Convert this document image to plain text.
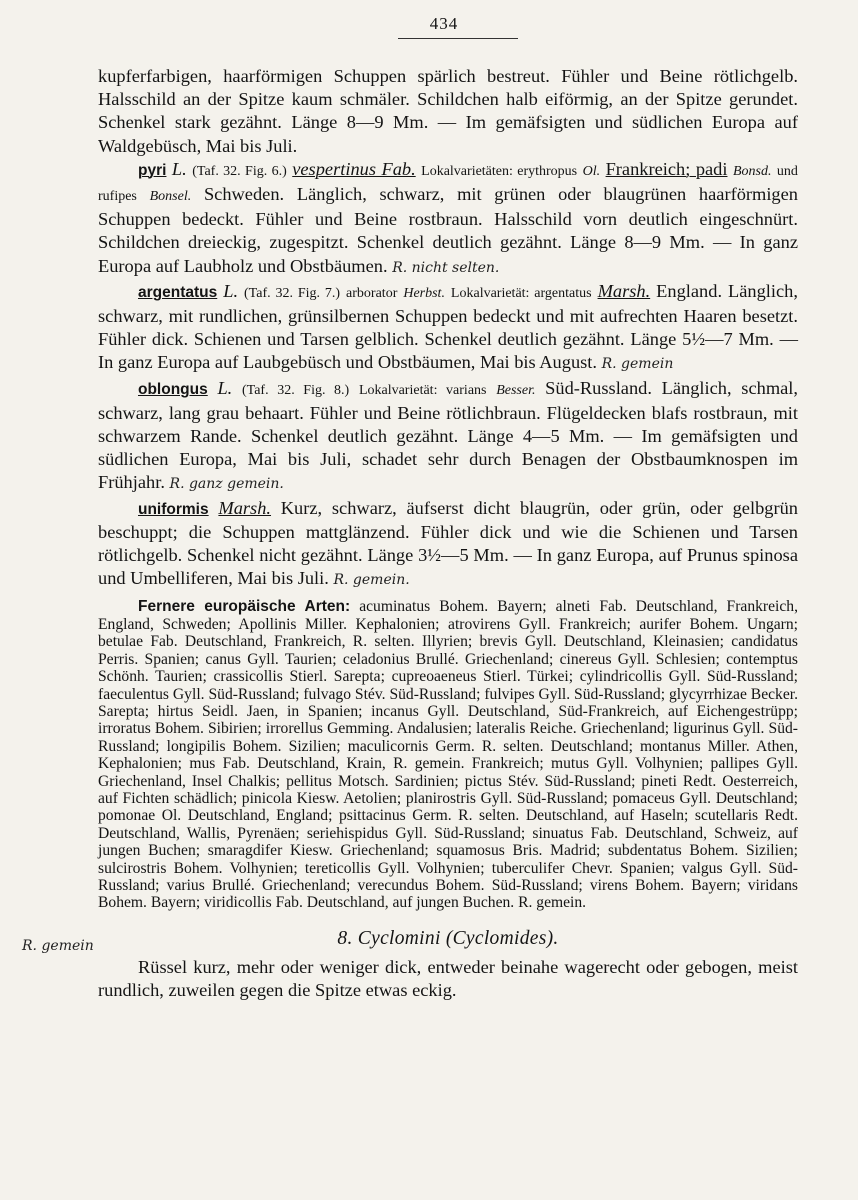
434

kupferfarbigen, haarförmigen Schuppen spärlich bestreut. Fühler und Beine rötlichgelb. Halsschild an der Spitze kaum schmäler. Schildchen halb eiförmig, an der Spitze gerundet. Schenkel stark gezähnt. Länge 8—9 Mm. — Im gemäfsigten und südlichen Europa auf Waldgebüsch, Mai bis Juli.

pyri L. (Taf. 32. Fig. 6.) vespertinus Fab. Lokalvarietäten: erythropus Ol. Frankreich; padi Bonsd. und rufipes Bonsel. Schweden. Länglich, schwarz, mit grünen oder blaugrünen haarförmigen Schuppen bedeckt. Fühler und Beine rostbraun. Halsschild vorn deutlich eingeschnürt. Schildchen dreieckig, zugespitzt. Schenkel deutlich gezähnt. Länge 8—9 Mm. — In ganz Europa auf Laubholz und Obstbäumen. R. nicht selten.

argentatus L. (Taf. 32. Fig. 7.) arborator Herbst. Lokalvarietät: argentatus Marsh. England. Länglich, schwarz, mit rundlichen, grünsilbernen Schuppen bedeckt und mit aufrechten Haaren besetzt. Fühler dick. Schienen und Tarsen gelblich. Schenkel deutlich gezähnt. Länge 5½—7 Mm. — In ganz Europa auf Laubgebüsch und Obstbäumen, Mai bis August. R. gemein

oblongus L. (Taf. 32. Fig. 8.) Lokalvarietät: varians Besser. Süd-Russland. Länglich, schmal, schwarz, lang grau behaart. Fühler und Beine rötlichbraun. Flügeldecken blafs rostbraun, mit schwarzem Rande. Schenkel deutlich gezähnt. Länge 4—5 Mm. — Im gemäfsigten und südlichen Europa, Mai bis Juli, schadet sehr durch Benagen der Obstbaumknospen im Frühjahr. R. ganz gemein.

uniformis Marsh. Kurz, schwarz, äufserst dicht blaugrün, oder grün, oder gelbgrün beschuppt; die Schuppen mattglänzend. Fühler dick und wie die Schienen und Tarsen rötlichgelb. Schenkel nicht gezähnt. Länge 3½—5 Mm. — In ganz Europa, auf Prunus spinosa und Umbelliferen, Mai bis Juli. R. gemein.

Fernere europäische Arten: acuminatus Bohem. Bayern; alneti Fab. Deutschland, Frankreich, England, Schweden; Apollinis Miller. Kephalonien; atrovirens Gyll. Frankreich; aurifer Bohem. Ungarn; betulae Fab. Deutschland, Frankreich, R. selten. Illyrien; brevis Gyll. Deutschland, Kleinasien; candidatus Perris. Spanien; canus Gyll. Taurien; celadonius Brullé. Griechenland; cinereus Gyll. Schlesien; contemptus Schönh. Taurien; crassicollis Stierl. Sarepta; cupreoaeneus Stierl. Türkei; cylindricollis Gyll. Süd-Russland; faeculentus Gyll. Süd-Russland; fulvago Stév. Süd-Russland; fulvipes Gyll. Süd-Russland; glycyrrhizae Becker. Sarepta; hirtus Seidl. Jaen, in Spanien; incanus Gyll. Deutschland, Süd-Frankreich, auf Eichengestrüpp; irroratus Bohem. Sibirien; irrorellus Gemming. Andalusien; lateralis Reiche. Griechenland; ligurinus Gyll. Süd-Russland; longipilis Bohem. Sizilien; maculicornis Germ. R. selten. Deutschland; montanus Miller. Athen, Kephalonien; mus Fab. Deutschland, Krain, R. gemein. Frankreich; mutus Gyll. Volhynien; pallipes Gyll. Griechenland, Insel Chalkis; pellitus Motsch. Sardinien; pictus Stév. Süd-Russland; pineti Redt. Oesterreich, auf Fichten schädlich; pinicola Kiesw. Aetolien; planirostris Gyll. Süd-Russland; pomaceus Gyll. Deutschland; pomonae Ol. Deutschland, England; psittacinus Germ. R. selten. Deutschland, auf Haseln; scutellaris Redt. Deutschland, Wallis, Pyrenäen; seriehispidus Gyll. Süd-Russland; sinuatus Fab. Deutschland, Schweiz, auf jungen Buchen; smaragdifer Kiesw. Griechenland; squamosus Bris. Madrid; subdentatus Bohem. Sizilien; sulcirostris Bohem. Volhynien; tereticollis Gyll. Volhynien; tuberculifer Chevr. Spanien; valgus Gyll. Süd-Russland; varius Brullé. Griechenland; verecundus Bohem. Süd-Russland; virens Bohem. Bayern; viridans Bohem. Bayern; viridicollis Fab. Deutschland, auf jungen Buchen. R. gemein.

8. Cyclomini (Cyclomides).

Rüssel kurz, mehr oder weniger dick, entweder beinahe wagerecht oder gebogen, meist rundlich, zuweilen gegen die Spitze etwas eckig.

R. gemein
